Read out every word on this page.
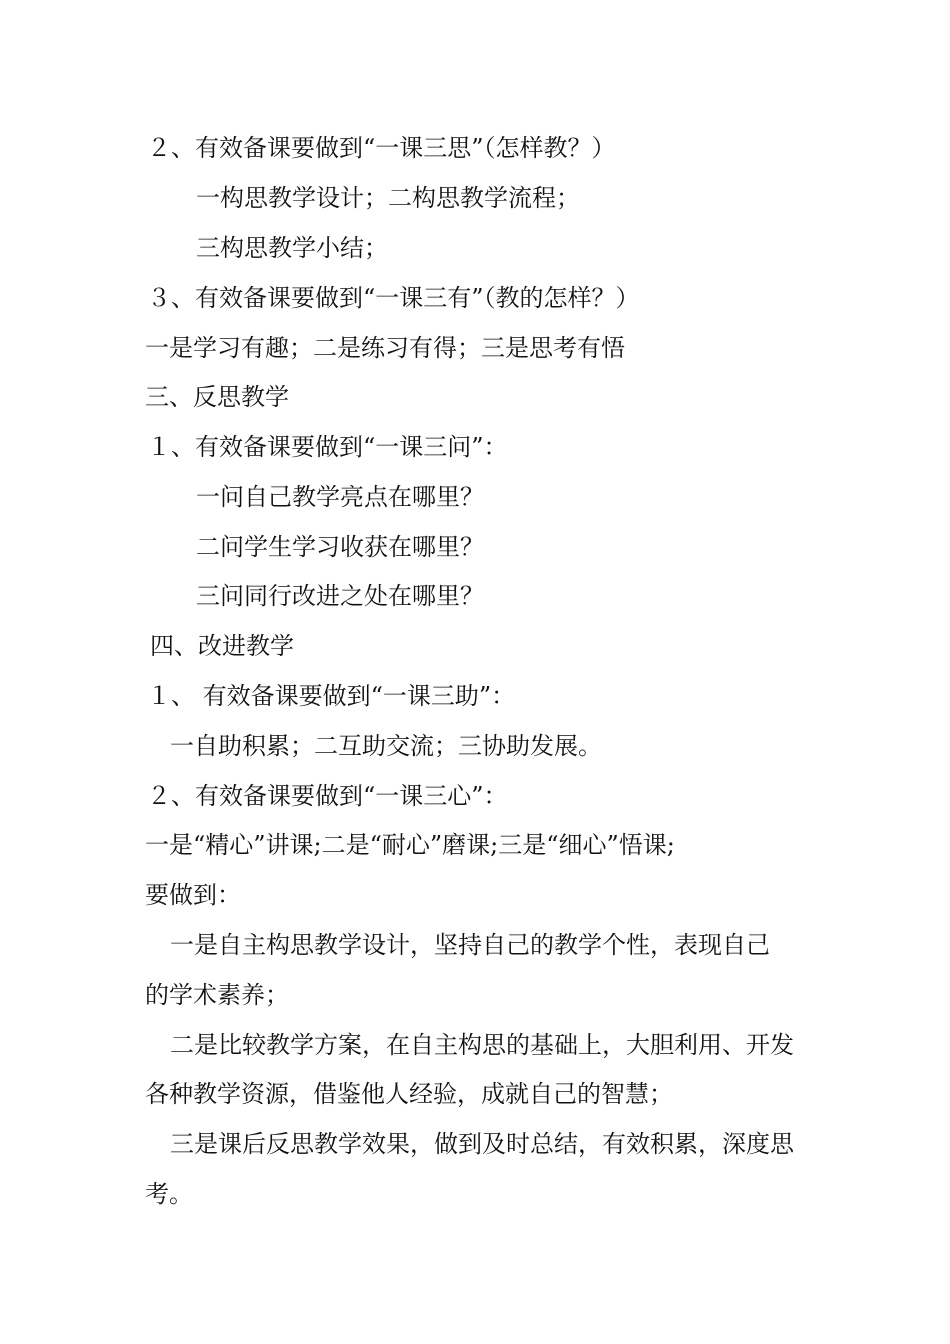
２、有效备课要做到“一课三思”（怎样教？）
一构思教学设计；二构思教学流程；
三构思教学小结；
３、有效备课要做到“一课三有”（教的怎样？）
一是学习有趣；二是练习有得；三是思考有悟
三、反思教学
１、有效备课要做到“一课三问”：
一问自己教学亮点在哪里？
二问学生学习收获在哪里？
三问同行改进之处在哪里？
四、改进教学
１、 有效备课要做到“一课三助”：
一自助积累；二互助交流；三协助发展。
２、有效备课要做到“一课三心”：
一是“精心”讲课;二是“耐心”磨课;三是“细心”悟课;
要做到：
一是自主构思教学设计，坚持自己的教学个性，表现自己
的学术素养；
二是比较教学方案，在自主构思的基础上，大胆利用、开发
各种教学资源，借鉴他人经验，成就自己的智慧；
三是课后反思教学效果，做到及时总结，有效积累，深度思
考。
